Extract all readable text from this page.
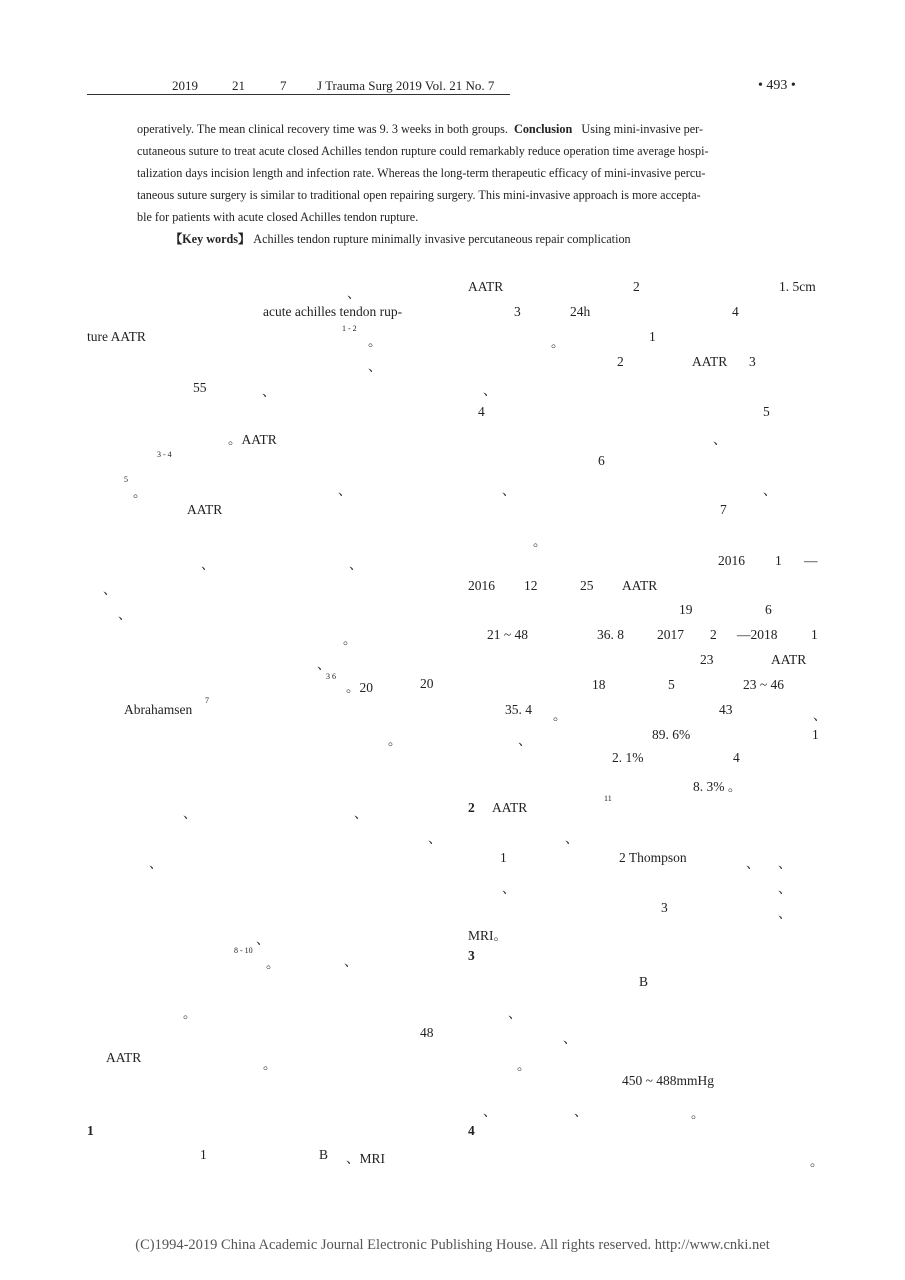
2019	21	7 J Trauma Surg 2019 Vol. 21 No. 7	• 493 •

operatively. The mean clinical recovery time was 9. 3 weeks in both groups. Conclusion Using mini-invasive per-

cutaneous suture to treat acute closed Achilles tendon rupture could remarkably reduce operation time average hospi-

talization days incision length and infection rate. Whereas the long-term therapeutic efficacy of mini-invasive percu-

taneous suture surgery is similar to traditional open repairing surgery. This mini-invasive approach is more accepta-

ble for patients with acute closed Achilles tendon rupture.

【Key words】 Achilles tendon rupture minimally invasive percutaneous repair complication
、
acute achilles tendon rup-
ture AATR
1 - 2
。
、
55	、
。AATR
3 - 4
5
。	、
AATR
、	、
、
、
。
、
3 6
。20	20
Abrahamsen
7
。
、	、
、
、
、
8 - 10
。	、
。
48
AATR	。
1
1	B 、MRI
AATR	2	1. 5cm
3	24h	4
。	1
2	AATR 3
、
4	5
、
6
、	、
7
。
2016 1 —
2016 12	25 AATR
19	6
21 ~ 48	36. 8 2017 2 —2018 1
23	AATR
18	5	23 ~ 46
35. 4 。	43	、
、	89. 6%	1
2. 1%	4
8. 3% 。
2 AATR
11
、
、
1	2 Thompson
、	、
、
3
、
MRI。
3
B
、
、
。
450 ~ 488mmHg
、	、	。
4
。
(C)1994-2019 China Academic Journal Electronic Publishing House. All rights reserved. http://www.cnki.net
